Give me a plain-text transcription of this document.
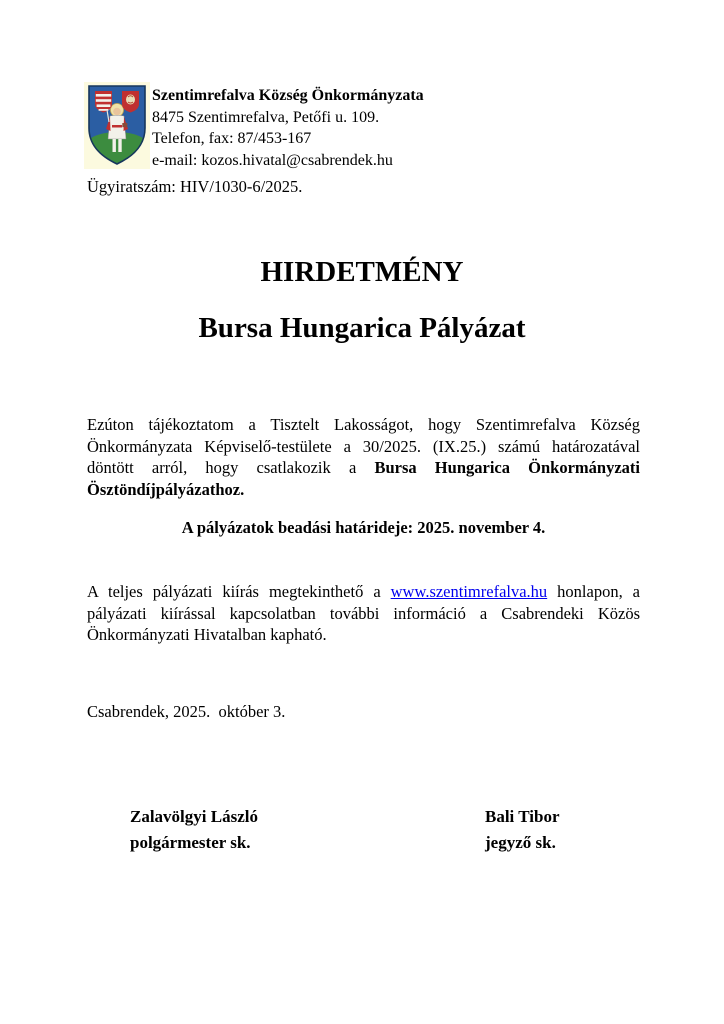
Szentimrefalva Község Önkormányzata
8475 Szentimrefalva, Petőfi u. 109.
Telefon, fax: 87/453-167
e-mail: kozos.hivatal@csabrendek.hu
Ügyiratszám: HIV/1030-6/2025.
HIRDETMÉNY
Bursa Hungarica Pályázat
Ezúton tájékoztatom a Tisztelt Lakosságot, hogy Szentimrefalva Község Önkormányzata Képviselő-testülete a 30/2025. (IX.25.) számú határozatával döntött arról, hogy csatlakozik a Bursa Hungarica Önkormányzati Ösztöndíjpályázathoz.
A pályázatok beadási határideje: 2025. november 4.
A teljes pályázati kiírás megtekinthető a www.szentimrefalva.hu honlapon, a pályázati kiírással kapcsolatban további információ a Csabrendeki Közös Önkormányzati Hivatalban kapható.
Csabrendek, 2025.  október 3.
Zalavölgyi László
polgármester sk.
Bali Tibor
jegyző sk.
